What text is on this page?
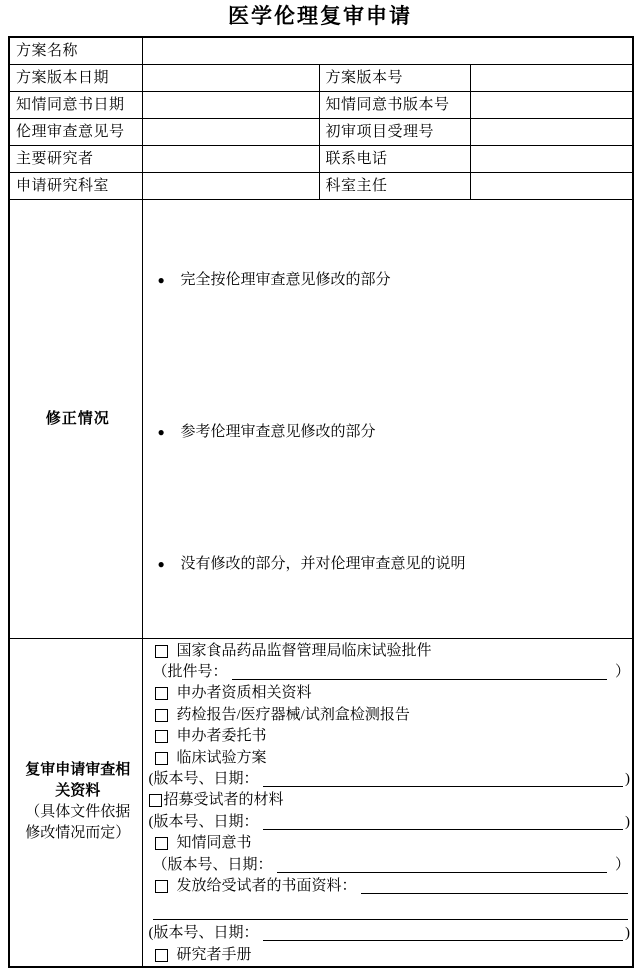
医学伦理复审申请
方案名称			
方案版本日期		方案版本号	
知情同意书日期		知情同意书版本号	
伦理审查意见号		初审项目受理号	
主要研究者		联系电话	
申请研究科室		科室主任	
修正情况	
●	完全按伦理审查意见修改的部分
●	参考伦理审查意见修改的部分
●	没有修改的部分，并对伦理审查意见的说明

复审申请审查相关资料
（具体文件依据修改情况而定）

国家食品药品监督管理局临床试验批件
（批件号：	）
申办者资质相关资料
药检报告/医疗器械/试剂盒检测报告
申办者委托书
临床试验方案
(版本号、日期：	)
招募受试者的材料
(版本号、日期：	)
知情同意书
（版本号、日期：	）
发放给受试者的书面资料：
(版本号、日期：	)
研究者手册
